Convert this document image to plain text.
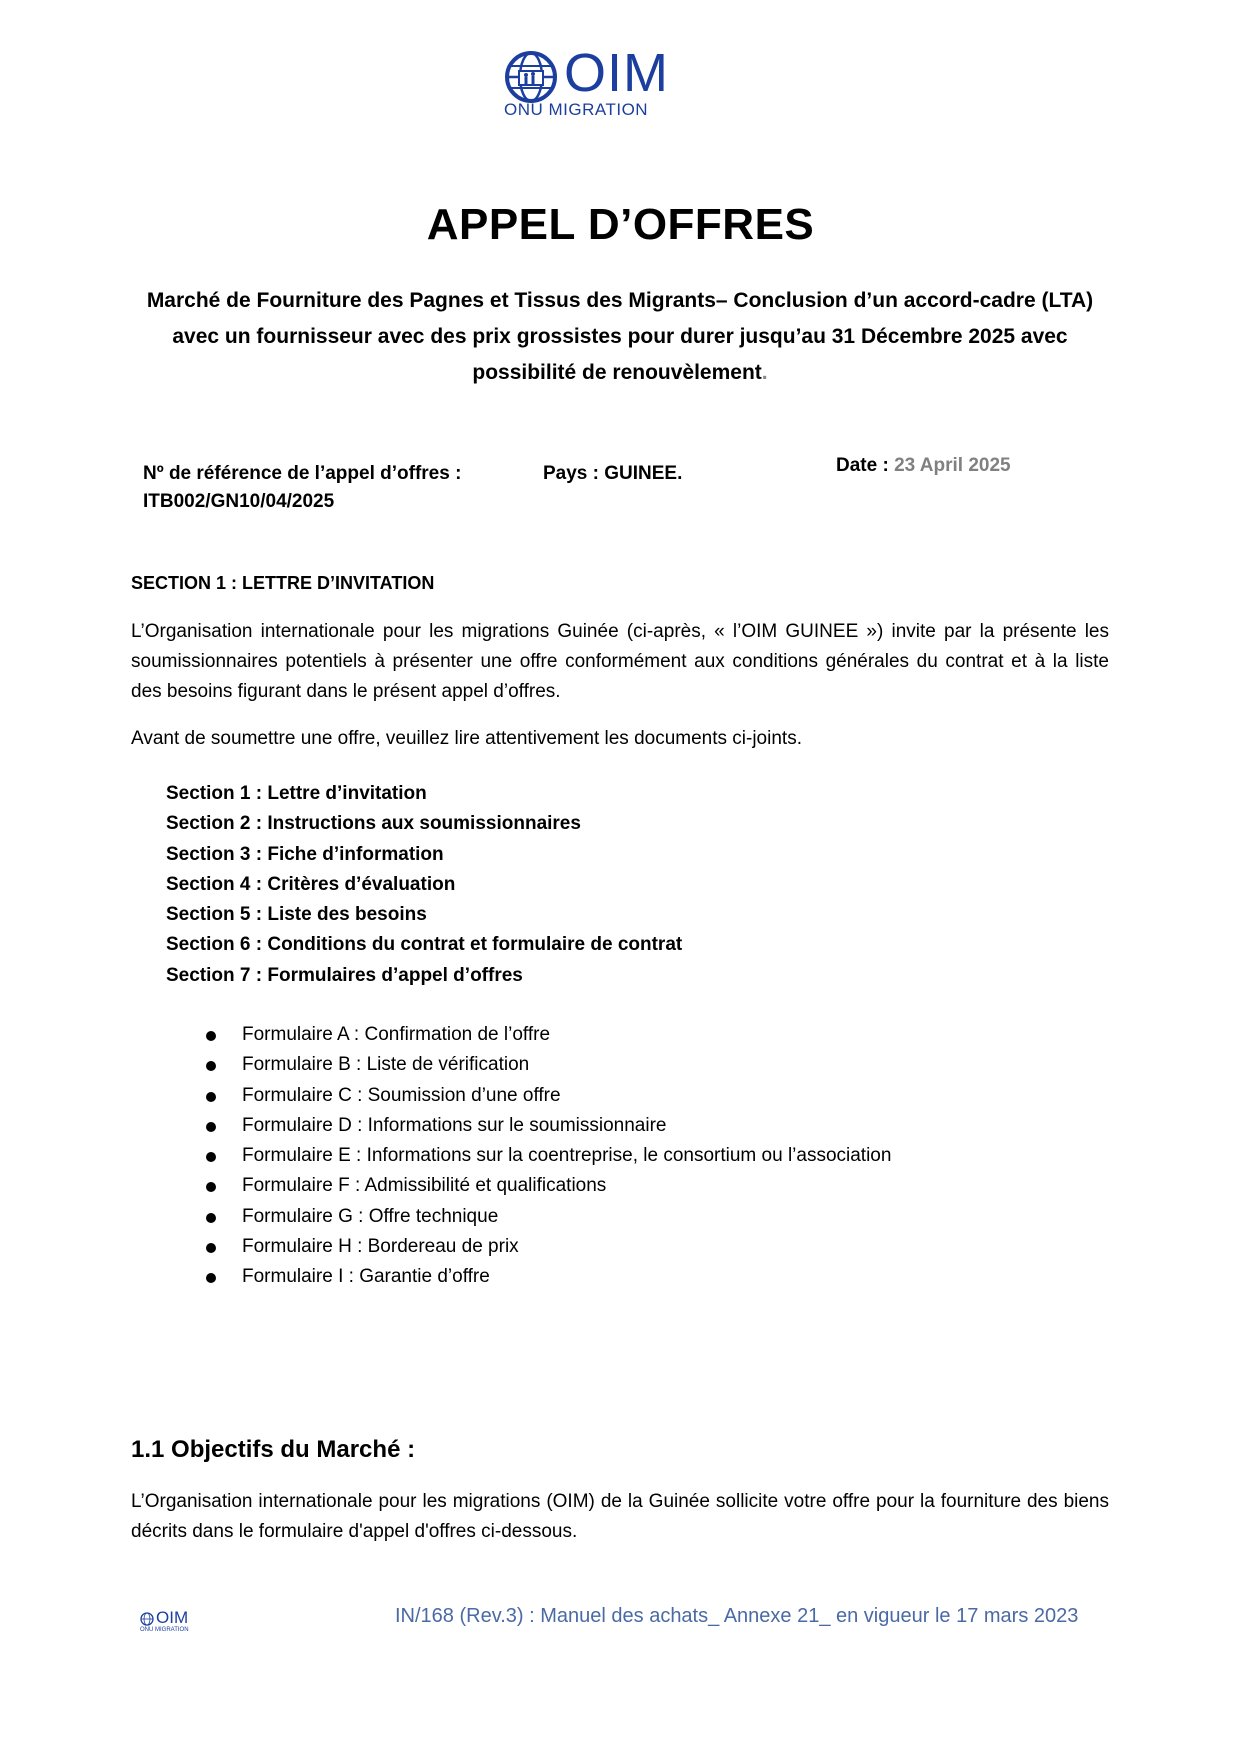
OIM
ONU MIGRATION
APPEL D’OFFRES
Marché de Fourniture des Pagnes et Tissus des Migrants– Conclusion d’un accord-cadre (LTA) avec un fournisseur avec des prix grossistes pour durer jusqu’au 31 Décembre 2025 avec possibilité de renouvèlement.
Nº de référence de l’appel d’offres :
ITB002/GN10/04/2025
Pays : GUINEE.	Date : 23 April 2025
SECTION 1 : LETTRE D’INVITATION
L’Organisation internationale pour les migrations Guinée (ci-après, « l’OIM GUINEE ») invite par la présente les soumissionnaires potentiels à présenter une offre conformément aux conditions générales du contrat et à la liste des besoins figurant dans le présent appel d’offres.
Avant de soumettre une offre, veuillez lire attentivement les documents ci-joints.
Section 1 : Lettre d’invitation
Section 2 : Instructions aux soumissionnaires
Section 3 : Fiche d’information
Section 4 : Critères d’évaluation
Section 5 : Liste des besoins
Section 6 : Conditions du contrat et formulaire de contrat
Section 7 : Formulaires d’appel d’offres
Formulaire A : Confirmation de l’offre
Formulaire B : Liste de vérification
Formulaire C : Soumission d’une offre
Formulaire D : Informations sur le soumissionnaire
Formulaire E : Informations sur la coentreprise, le consortium ou l’association
Formulaire F : Admissibilité et qualifications
Formulaire G : Offre technique
Formulaire H : Bordereau de prix
Formulaire I : Garantie d’offre
1.1 Objectifs du Marché :
L’Organisation internationale pour les migrations (OIM) de la Guinée sollicite votre offre pour la fourniture des biens décrits dans le formulaire d'appel d'offres ci-dessous.
OIM
ONU MIGRATION
IN/168 (Rev.3) : Manuel des achats_ Annexe 21_ en vigueur le 17 mars 2023
